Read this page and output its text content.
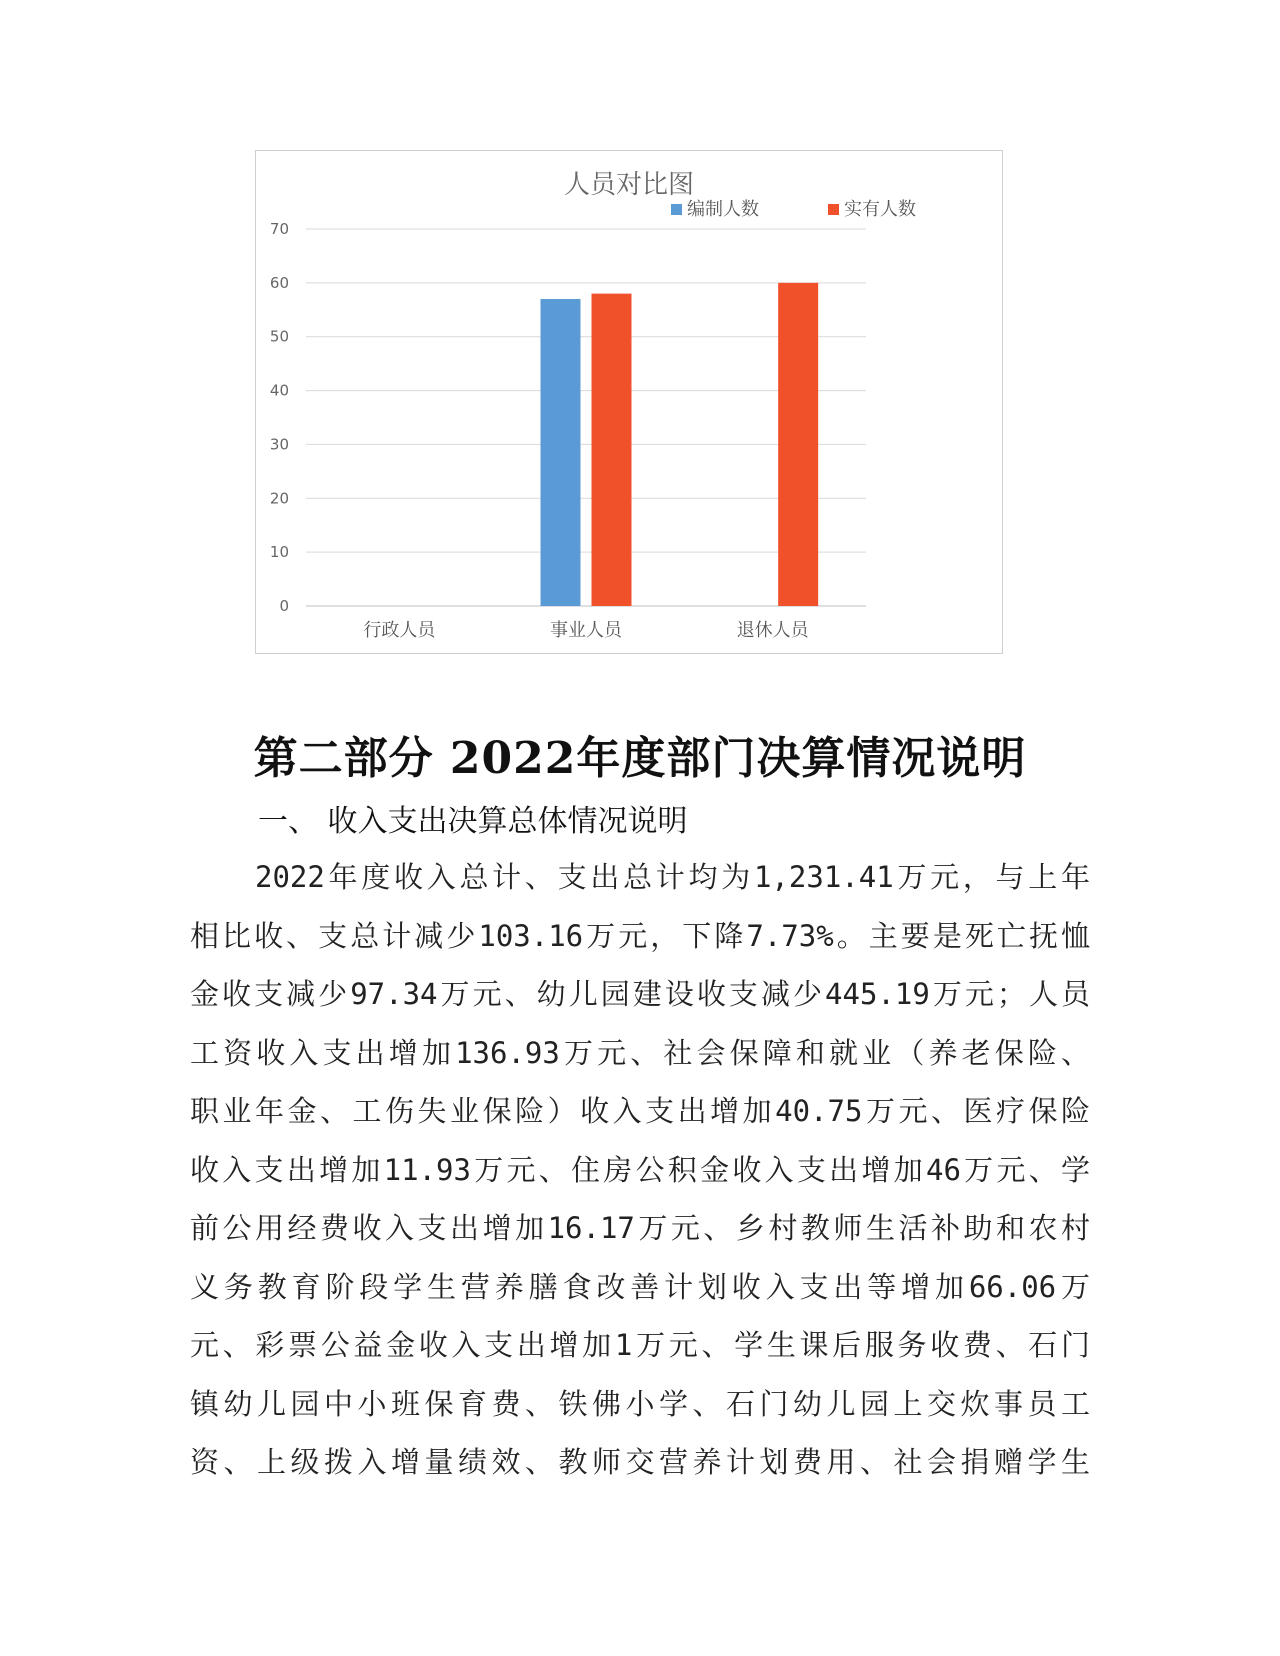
人员对比图
0
10
20
30
40
50
60
70
行政人员	事业人员	退休人员
编制人数	实有人数
第二部分 2022年度部门决算情况说明
一、 收入支出决算总体情况说明
2022年度收入总计、支出总计均为1,231.41万元，与上年
相比收、支总计减少103.16万元，下降7.73%。主要是死亡抚恤
金收支减少97.34万元、幼儿园建设收支减少445.19万元；人员
工资收入支出增加136.93万元、社会保障和就业（养老保险、
职业年金、工伤失业保险）收入支出增加40.75万元、医疗保险
收入支出增加11.93万元、住房公积金收入支出增加46万元、学
前公用经费收入支出增加16.17万元、乡村教师生活补助和农村
义务教育阶段学生营养膳食改善计划收入支出等增加66.06万
元、彩票公益金收入支出增加1万元、学生课后服务收费、石门
镇幼儿园中小班保育费、铁佛小学、石门幼儿园上交炊事员工
资、上级拨入增量绩效、教师交营养计划费用、社会捐赠学生
